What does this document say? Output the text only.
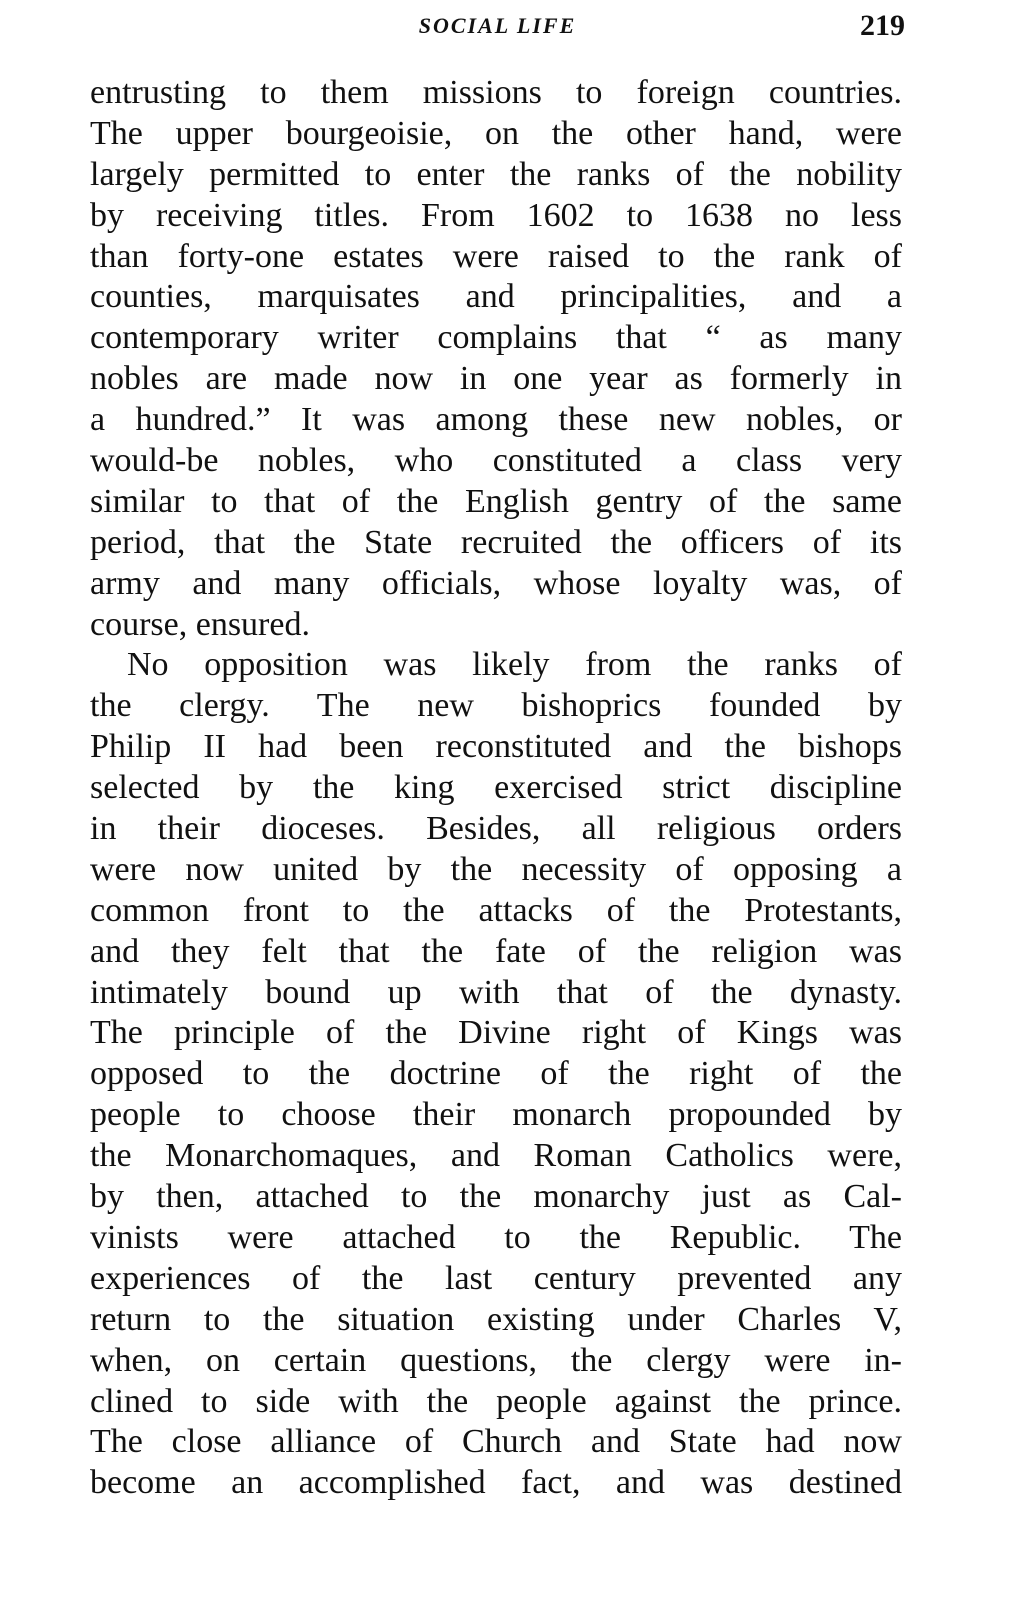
SOCIAL LIFE	219
entrusting to them missions to foreign countries.
The upper bourgeoisie, on the other hand, were
largely permitted to enter the ranks of the nobility
by receiving titles. From 1602 to 1638 no less
than forty-one estates were raised to the rank of
counties, marquisates and principalities, and a
contemporary writer complains that “ as many
nobles are made now in one year as formerly in
a hundred.” It was among these new nobles, or
would-be nobles, who constituted a class very
similar to that of the English gentry of the same
period, that the State recruited the officers of its
army and many officials, whose loyalty was, of
course, ensured.
No opposition was likely from the ranks of
the clergy. The new bishoprics founded by
Philip II had been reconstituted and the bishops
selected by the king exercised strict discipline
in their dioceses. Besides, all religious orders
were now united by the necessity of opposing a
common front to the attacks of the Protestants,
and they felt that the fate of the religion was
intimately bound up with that of the dynasty.
The principle of the Divine right of Kings was
opposed to the doctrine of the right of the
people to choose their monarch propounded by
the Monarchomaques, and Roman Catholics were,
by then, attached to the monarchy just as Cal-
vinists were attached to the Republic. The
experiences of the last century prevented any
return to the situation existing under Charles V,
when, on certain questions, the clergy were in-
clined to side with the people against the prince.
The close alliance of Church and State had now
become an accomplished fact, and was destined
